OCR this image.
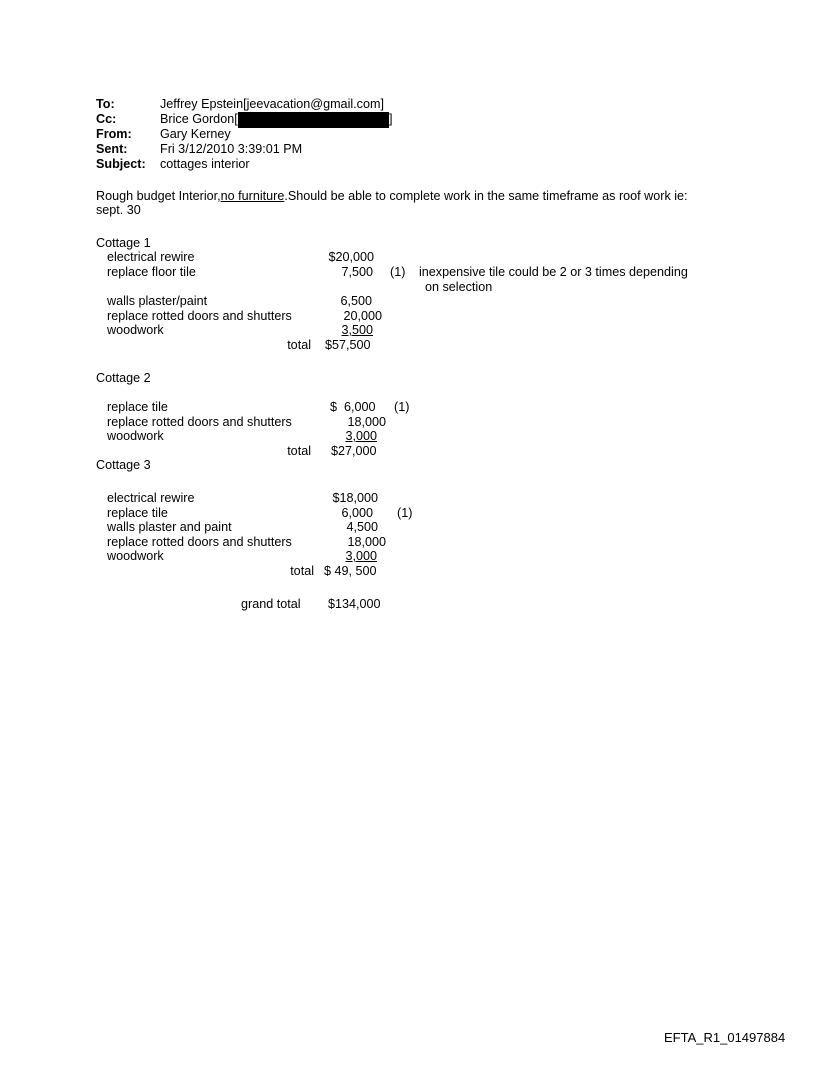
To:	Jeffrey Epstein[jeevacation@gmail.com]
Cc:	Brice Gordon[	]
From: Gary Kerney
Sent:	Fri 3/12/2010 3:39:01 PM
Subject: cottages interior
Rough budget Interior,no furniture.Should be able to complete work in the same timeframe as roof work ie:
sept. 30
Cottage 1
electrical rewire	$20,000
replace floor tile	7,500 (1) inexpensive tile could be 2 or 3 times depending
on selection
walls plaster/paint	6,500
replace rotted doors and shutters	20,000
woodwork	3,500
total $57,500
Cottage 2
replace tile	$  6,000 (1)
replace rotted doors and shutters	18,000
woodwork	3,000
total $27,000
Cottage 3
electrical rewire	$18,000
replace tile	6,000 (1)
walls plaster and paint	4,500
replace rotted doors and shutters	18,000
woodwork	3,000
total $ 49, 500
grand total $134,000
EFTA_R1_01497884
